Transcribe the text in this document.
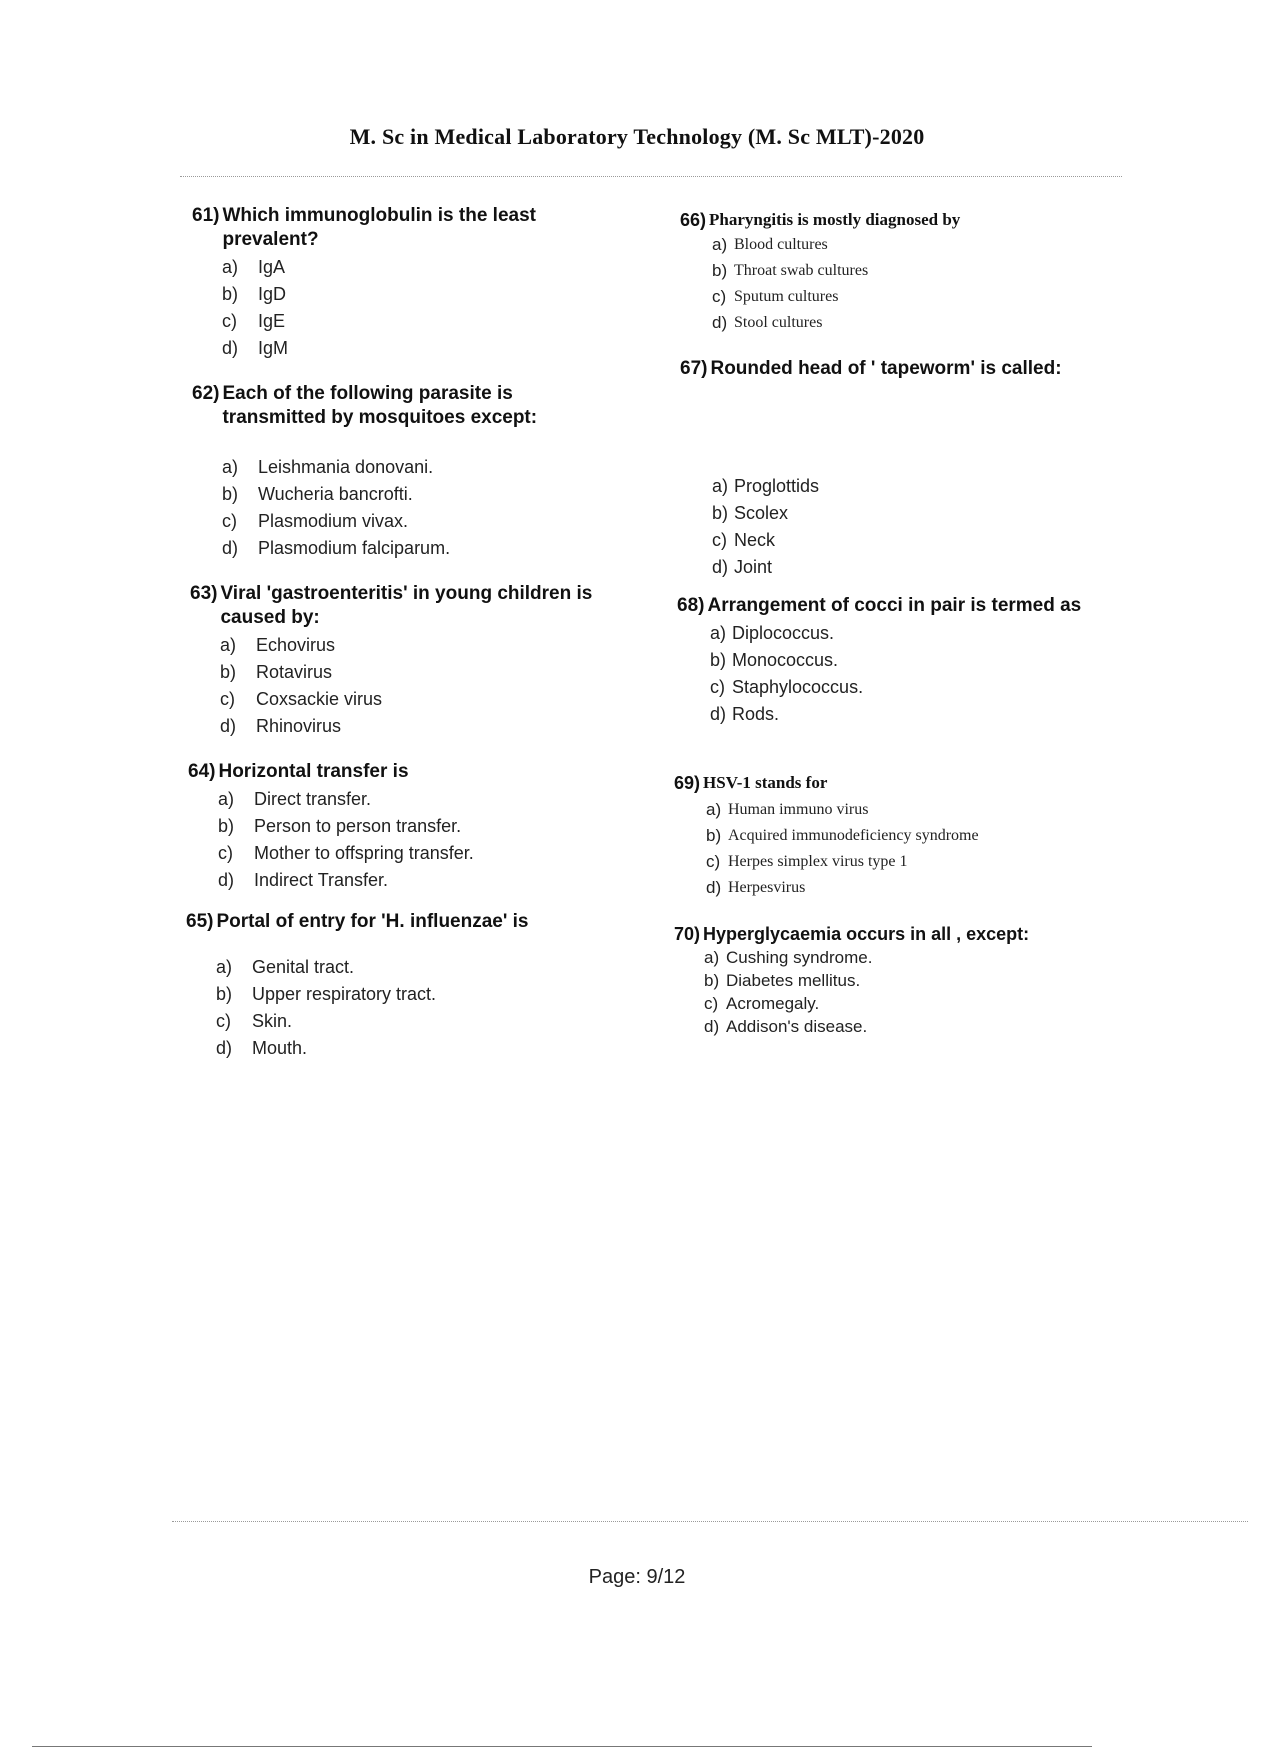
M. Sc in Medical Laboratory Technology (M. Sc MLT)-2020
61) Which immunoglobulin is the least prevalent?
a)	IgA
b)	IgD
c)	IgE
d)	IgM
62) Each of the following parasite is transmitted by mosquitoes except:
a)	Leishmania donovani.
b)	Wucheria bancrofti.
c)	Plasmodium vivax.
d)	Plasmodium falciparum.
63) Viral 'gastroenteritis' in young children is caused by:
a)	Echovirus
b)	Rotavirus
c)	Coxsackie virus
d)	Rhinovirus
64) Horizontal transfer is
a)	Direct transfer.
b)	Person to person transfer.
c)	Mother to offspring transfer.
d)	Indirect Transfer.
65) Portal of entry for 'H. influenzae' is
a)	Genital tract.
b)	Upper respiratory tract.
c)	Skin.
d)	Mouth.
66) Pharyngitis is mostly diagnosed by
a) Blood cultures
b) Throat swab cultures
c) Sputum cultures
d) Stool cultures
67) Rounded head of ' tapeworm' is called:
a) Proglottids
b) Scolex
c) Neck
d) Joint
68) Arrangement of cocci in pair is termed as
a) Diplococcus.
b) Monococcus.
c) Staphylococcus.
d) Rods.
69) HSV-1 stands for
a) Human immuno virus
b) Acquired immunodeficiency syndrome
c) Herpes simplex virus type 1
d) Herpesvirus
70) Hyperglycaemia occurs in all , except:
a) Cushing syndrome.
b) Diabetes mellitus.
c) Acromegaly.
d) Addison's disease.
Page: 9/12
